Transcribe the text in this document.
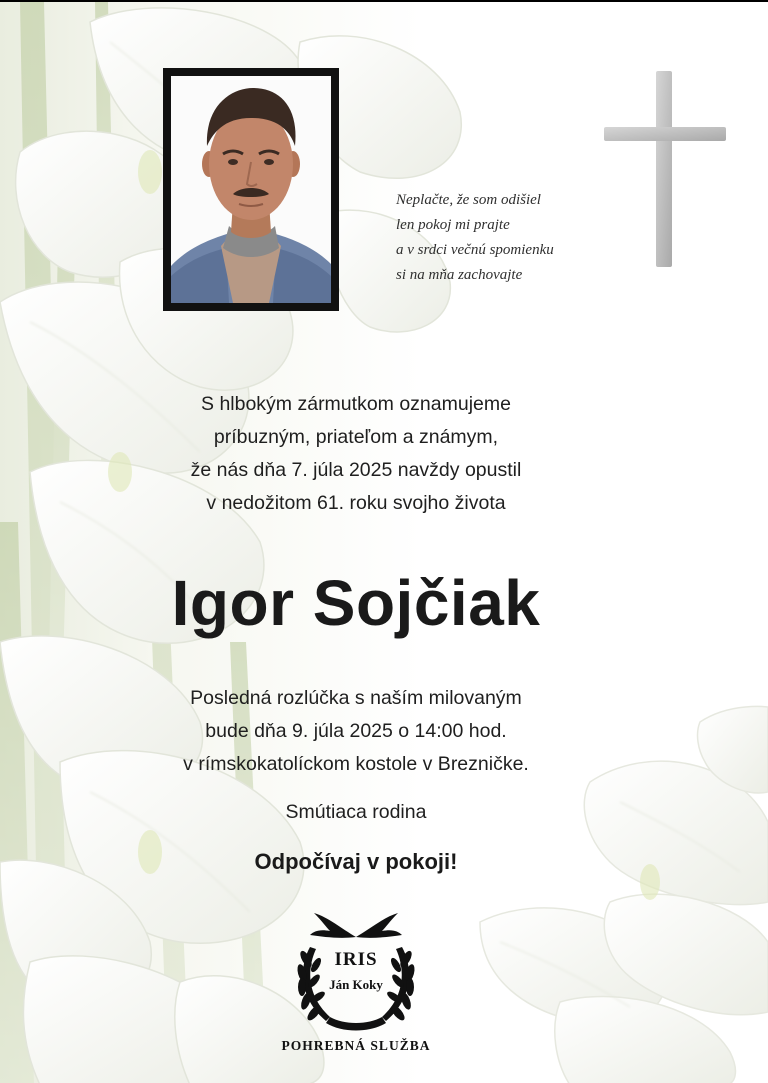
Neplačte, že som odišiel
len pokoj mi prajte
a v srdci večnú spomienku
si na mňa zachovajte
S hlbokým zármutkom oznamujeme
príbuzným, priateľom a známym,
že nás dňa 7. júla 2025 navždy opustil
v nedožitom 61. roku svojho života
Igor Sojčiak
Posledná rozlúčka s naším milovaným
bude dňa 9. júla 2025 o 14:00 hod.
v rímskokatolíckom kostole v Brezničke.
Smútiaca rodina
Odpočívaj v pokoji!
IRIS
Ján Koky
POHREBNÁ SLUŽBA
